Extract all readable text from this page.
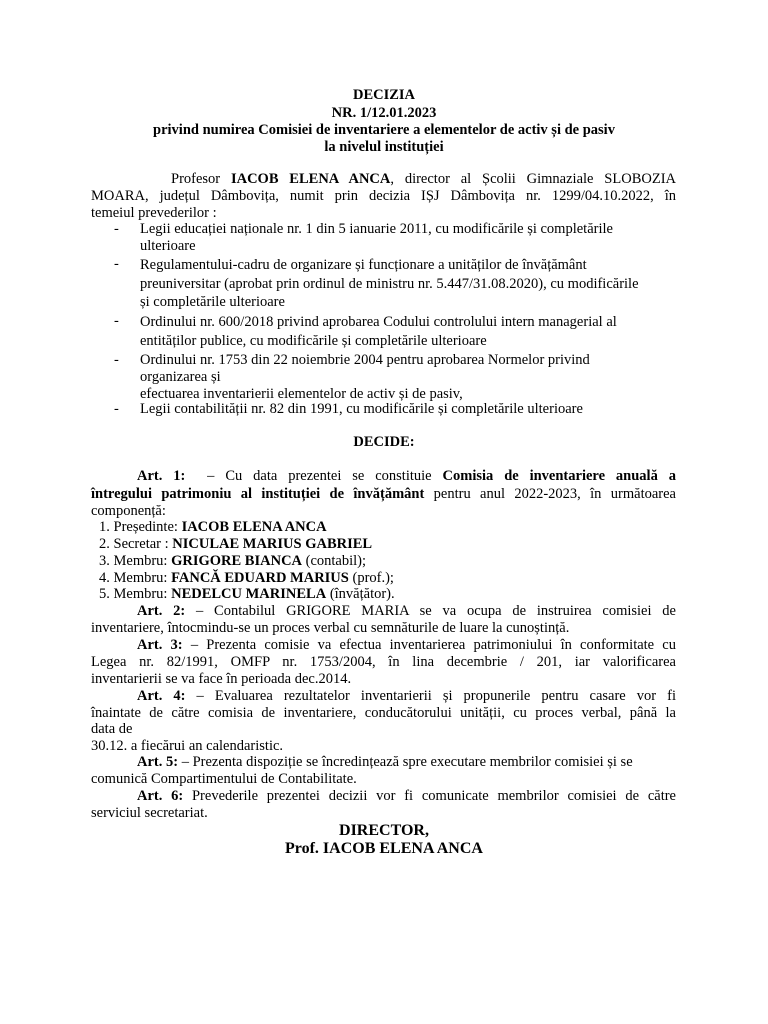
DECIZIA
NR. 1/12.01.2023
privind numirea Comisiei de inventariere a elementelor de activ și de pasiv
la nivelul instituției
Profesor IACOB ELENA ANCA, director al Școlii Gimnaziale SLOBOZIA
MOARA, județul Dâmbovița, numit prin decizia IȘJ Dâmbovița nr. 1299/04.10.2022, în
temeiul prevederilor :
- Legii educației naționale nr. 1 din 5 ianuarie 2011, cu modificările și completările
ulterioare
- Regulamentului-cadru de organizare și funcționare a unităților de învățământ
preuniversitar (aprobat prin ordinul de ministru nr. 5.447/31.08.2020), cu modificările
și completările ulterioare
- Ordinului nr. 600/2018 privind aprobarea Codului controlului intern managerial al
entităților publice, cu modificările și completările ulterioare
- Ordinului nr. 1753 din 22 noiembrie 2004 pentru aprobarea Normelor privind
organizarea și
efectuarea inventarierii elementelor de activ și de pasiv,
- Legii contabilității nr. 82 din 1991, cu modificările și completările ulterioare
DECIDE:
Art. 1:  – Cu data prezentei se constituie Comisia de inventariere anuală a
întregului patrimoniu al instituției de învățământ pentru anul 2022-2023, în următoarea
componență:
1. Președinte: IACOB ELENA ANCA
2. Secretar : NICULAE MARIUS GABRIEL
3. Membru: GRIGORE BIANCA (contabil);
4. Membru: FANCĂ EDUARD MARIUS (prof.);
5. Membru: NEDELCU MARINELA (învățător).
Art. 2: – Contabilul GRIGORE MARIA se va ocupa de instruirea comisiei de
inventariere, întocmindu-se un proces verbal cu semnăturile de luare la cunoștință.
Art. 3: – Prezenta comisie va efectua inventarierea patrimoniului în conformitate cu
Legea nr. 82/1991, OMFP nr. 1753/2004, în lina decembrie / 201, iar valorificarea
inventarierii se va face în perioada dec.2014.
Art. 4: – Evaluarea rezultatelor inventarierii și propunerile pentru casare vor fi
înaintate de către comisia de inventariere, conducătorului unității, cu proces verbal, până la
data de
30.12. a fiecărui an calendaristic.
Art. 5: – Prezenta dispoziție se încredințează spre executare membrilor comisiei și se
comunică Compartimentului de Contabilitate.
Art. 6: Prevederile prezentei decizii vor fi comunicate membrilor comisiei de către
serviciul secretariat.
DIRECTOR,
Prof. IACOB ELENA ANCA
